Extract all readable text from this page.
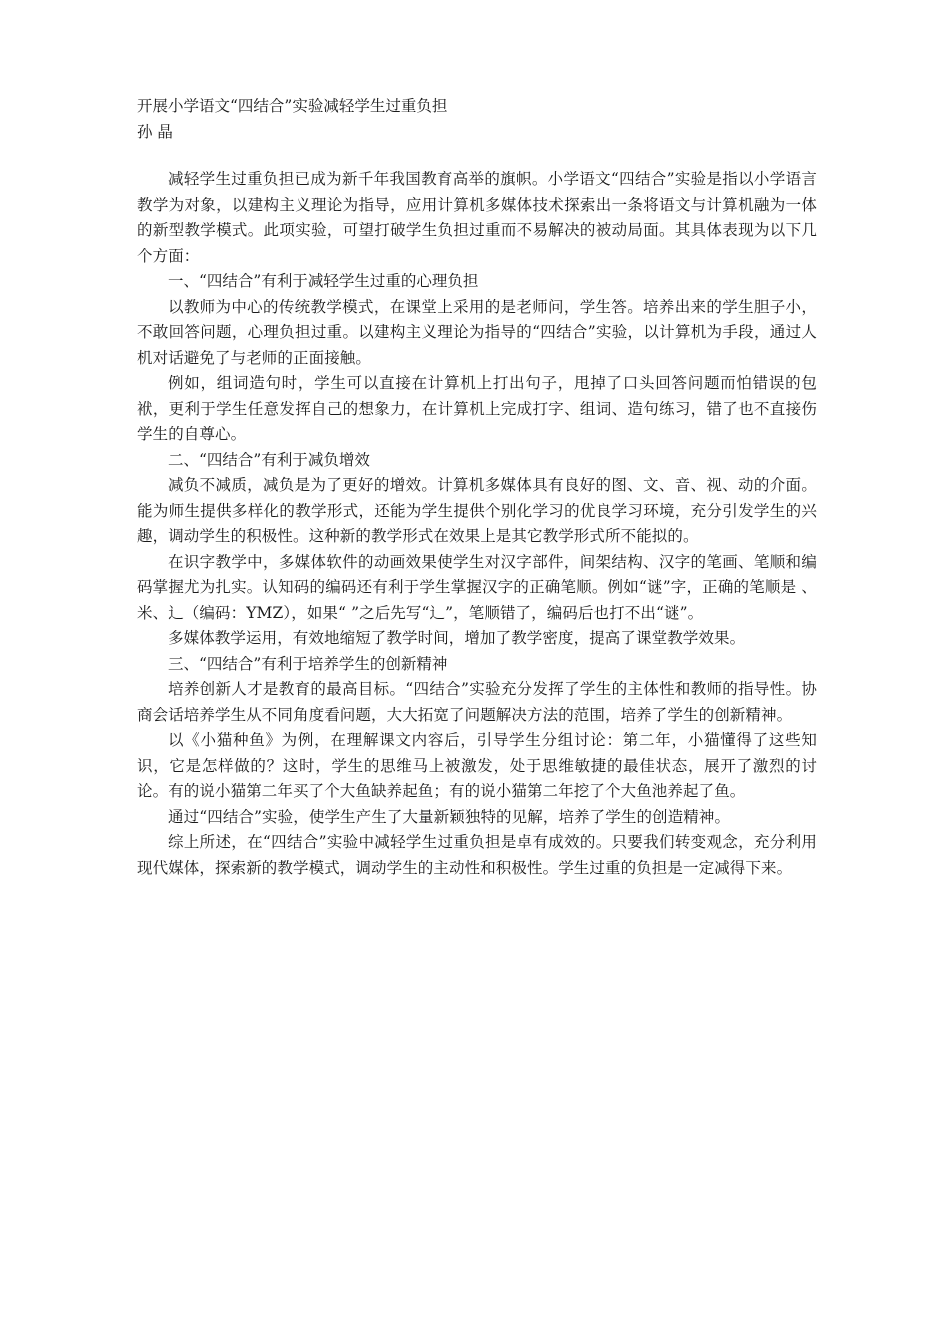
开展小学语文“四结合”实验减轻学生过重负担

孙 晶

减轻学生过重负担已成为新千年我国教育高举的旗帜。小学语文“四结合”实验是指以小学语言教学为对象，以建构主义理论为指导，应用计算机多媒体技术探索出一条将语文与计算机融为一体的新型教学模式。此项实验，可望打破学生负担过重而不易解决的被动局面。其具体表现为以下几个方面：

一、“四结合”有利于减轻学生过重的心理负担

以教师为中心的传统教学模式，在课堂上采用的是老师问，学生答。培养出来的学生胆子小，不敢回答问题，心理负担过重。以建构主义理论为指导的“四结合”实验，以计算机为手段，通过人机对话避免了与老师的正面接触。

例如，组词造句时，学生可以直接在计算机上打出句子，甩掉了口头回答问题而怕错误的包袱，更利于学生任意发挥自己的想象力，在计算机上完成打字、组词、造句练习，错了也不直接伤学生的自尊心。

二、“四结合”有利于减负增效

减负不减质，减负是为了更好的增效。计算机多媒体具有良好的图、文、音、视、动的介面。能为师生提供多样化的教学形式，还能为学生提供个别化学习的优良学习环境，充分引发学生的兴趣，调动学生的积极性。这种新的教学形式在效果上是其它教学形式所不能拟的。

在识字教学中，多媒体软件的动画效果使学生对汉字部件，间架结构、汉字的笔画、笔顺和编码掌握尤为扎实。认知码的编码还有利于学生掌握汉字的正确笔顺。例如“谜”字，正确的笔顺是 、米、辶（编码：YMZ），如果“ ”之后先写“辶”，笔顺错了，编码后也打不出“谜”。

多媒体教学运用，有效地缩短了教学时间，增加了教学密度，提高了课堂教学效果。

三、“四结合”有利于培养学生的创新精神

培养创新人才是教育的最高目标。“四结合”实验充分发挥了学生的主体性和教师的指导性。协商会话培养学生从不同角度看问题，大大拓宽了问题解决方法的范围，培养了学生的创新精神。

以《小猫种鱼》为例，在理解课文内容后，引导学生分组讨论：第二年，小猫懂得了这些知识，它是怎样做的？这时，学生的思维马上被激发，处于思维敏捷的最佳状态，展开了激烈的讨论。有的说小猫第二年买了个大鱼缺养起鱼；有的说小猫第二年挖了个大鱼池养起了鱼。

通过“四结合”实验，使学生产生了大量新颖独特的见解，培养了学生的创造精神。

综上所述，在“四结合”实验中减轻学生过重负担是卓有成效的。只要我们转变观念，充分利用现代媒体，探索新的教学模式，调动学生的主动性和积极性。学生过重的负担是一定减得下来。
